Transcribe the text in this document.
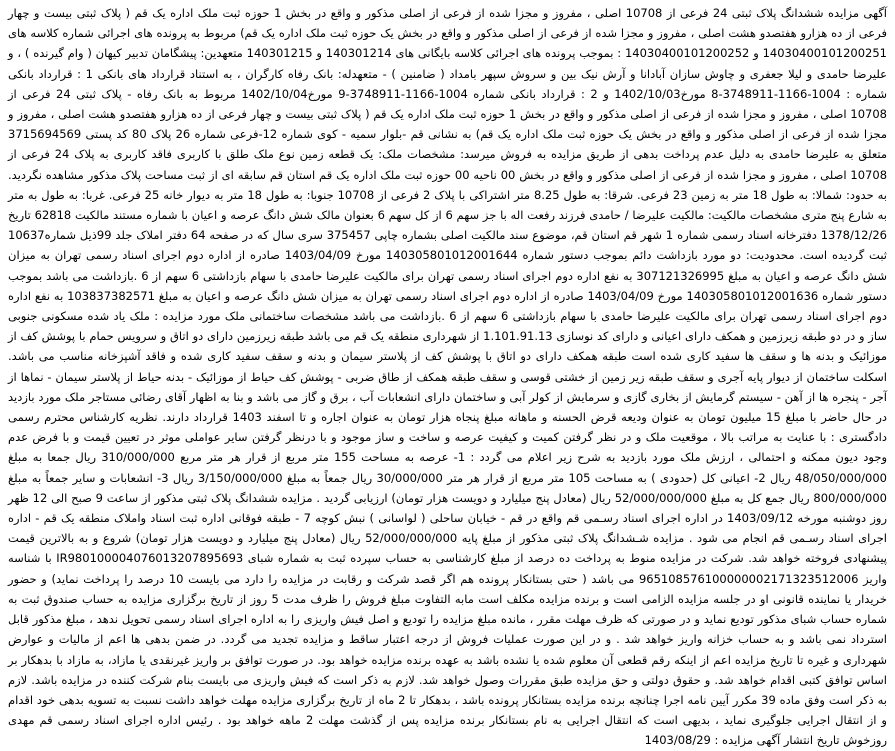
آگهی مزایده ششدانگ پلاک ثبتی 24 فرعی از 10708 اصلی ، مفروز و مجزا شده از فرعی از اصلی مذکور و واقع در بخش 1 حوزه ثبت ملک اداره یک قم ( پلاک ثبتی بیست و چهار فرعی از ده هزارو هفتصدو هشت اصلی ، مفروز و مجزا شده از فرعی از اصلی مذکور و واقع در بخش یک حوزه ثبت ملک اداره یک قم) مربوط به پرونده های اجرائی شماره کلاسه های 14030400101200251 و 14030400101200252 : بموجب پرونده های اجرائی کلاسه بایگانی های 140301214 و 140301215 متعهدین: پیشگامان تدبیر کیهان ( وام گیرنده ) ، و علیرضا حامدی و لیلا جعفری و چاوش سازان آبادانا و آرش نیک بین و سروش سپهر بامداد ( ضامنین ) - متعهدله: بانک رفاه کارگران ، به استناد قرارداد های بانکی 1 : قرارداد بانکی شماره : 1004-1166-3748911-8 مورخ1402/10/03 و 2 : قرارداد بانکی شماره 1004-1166-3748911-9 مورخ1402/10/04 مربوط به بانک رفاه - پلاک ثبتی 24 فرعی از 10708 اصلی ، مفروز و مجزا شده از فرعی از اصلی مذکور و واقع در بخش 1 حوزه ثبت ملک اداره یک قم ( پلاک ثبتی بیست و چهار فرعی از ده هزارو هفتصدو هشت اصلی ، مفروز و مجزا شده از فرعی از اصلی مذکور و واقع در بخش یک حوزه ثبت ملک اداره یک قم) به نشانی قم -بلوار سمیه - کوی شماره 12-فرعی شماره 26 پلاک 80 کد پستی 3715694569 متعلق به علیرضا حامدی به دلیل عدم پرداخت بدهی از طریق مزایده به فروش میرسد: مشخصات ملک: یک قطعه زمین نوع ملک طلق با کاربری فاقد کاربری به پلاک 24 فرعی از 10708 اصلی ، مفروز و مجزا شده از فرعی از اصلی مذکور و واقع در بخش 00 ناحیه 00 حوزه ثبت ملک اداره یک قم استان قم سابقه ای از ثبت مساحت پلاک مذکور مشاهده نگردید. به حدود: شمالا: به طول 18 متر به زمین 23 فرعی. شرقا: به طول 8.25 متر اشتراکی با پلاک 2 فرعی از 10708 جنوبا: به طول 18 متر به دیوار خانه 25 فرعی. غربا: به طول به متر به شارع پنج متری مشخصات مالکیت: مالکیت علیرضا / حامدی فرزند رفعت اله با جز سهم 6 از کل سهم 6 بعنوان مالک شش دانگ عرصه و اعیان با شماره مستند مالکیت 62818 تاریخ 1378/12/26 دفترخانه اسناد رسمی شماره 1 شهر قم استان قم، موضوع سند مالکیت اصلی بشماره چاپی 375457 سری سال که در صفحه 64 دفتر املاک جلد 99ذیل شماره10637 ثبت گردیده است. محدودیت: دو مورد بازداشت دائم بموجب دستور شماره 140305801012001644 مورخ 1403/04/09 صادره از اداره دوم اجرای اسناد رسمی تهران به میزان شش دانگ عرصه و اعیان به مبلغ 307121326995 به نفع اداره دوم اجرای اسناد رسمی تهران برای مالکیت علیرضا حامدی با سهام بازداشتی 6 سهم از 6 .بازداشت می باشد بموجب دستور شماره 140305801012001636 مورخ 1403/04/09 صادره از اداره دوم اجرای اسناد رسمی تهران به میزان شش دانگ عرصه و اعیان به مبلغ 103837382571 به نفع اداره دوم اجرای اسناد رسمی تهران برای مالکیت علیرضا حامدی با سهام بازداشتی 6 سهم از 6 .بازداشت می باشد مشخصات ساختمانی ملک مورد مزایده : ملک یاد شده مسکونی جنوبی ساز و در دو طبقه زیرزمین و همکف دارای اعیانی و دارای کد نوسازی 1.101.91.13 از شهرداری منطقه یک قم می باشد طبقه زیرزمین دارای دو اتاق و سرویس حمام با پوشش کف از موزائیک و بدنه ها و سقف ها سفید کاری شده است طبقه همکف دارای دو اتاق با پوشش کف از پلاستر سیمان و بدنه و سقف سفید کاری شده و فاقد آشپزخانه مناسب می باشد. اسکلت ساختمان از دیوار پایه آجری و سقف طبقه زیر زمین از خشتی قوسی و سقف طبقه همکف از طاق ضربی - پوشش کف حیاط از موزائیک - بدنه حیاط از پلاستر سیمان - نماها از آجر - پنجره ها از آهن - سیستم گرمایش از بخاری گازی و سرمایش از کولر آبی و ساختمان دارای انشعابات آب ، برق و گاز می باشد و بنا به اظهار آقای رضائی مستاجر ملک مورد بازدید در حال حاضر با مبلغ 15 میلیون تومان به عنوان ودیعه قرض الحسنه و ماهانه مبلغ پنجاه هزار تومان به عنوان اجاره و تا اسفند 1403 قرارداد دارند. نظریه کارشناس محترم رسمی دادگستری : با عنایت به مراتب بالا ، موقعیت ملک و در نظر گرفتن کمیت و کیفیت عرصه و ساخت و ساز موجود و با درنظر گرفتن سایر عواملی موثر در تعیین قیمت و با فرض عدم وجود دیون ممکنه و احتمالی ، ارزش ملک مورد بازدید به شرح زیر اعلام می گردد : 1- عرصه به مساحت 155 متر مربع از قرار هر متر مربع 310/000/000 ریال جمعا به مبلغ 48/050/000/000 ریال 2- اعیانی کل (حدودی ) به مساحت 105 متر مربع از قرار هر متر 30/000/000 ریال جمعاً به مبلغ 3/150/000/000 ریال 3- انشعابات و سایر جمعاً به مبلغ 800/000/000 ریال جمع کل به مبلغ 52/000/000/000 ریال (معادل پنج میلیارد و دویست هزار تومان) ارزیابی گردید . مزایده ششدانگ پلاک ثبتی مذکور از ساعت 9 صبح الی 12 ظهر روز دوشنبه مورخه 1403/09/12 در اداره اجرای اسناد رسـمی قم واقع در قم - خیابان ساحلی ( لواسانی ) نبش کوچه 7 - طبقه فوقانی اداره ثبت اسناد واملاک منطقه یک قم - اداره اجرای اسناد رسـمی قم انجام می شود . مزایده شـشدانگ پلاک ثبتی مذکور از مبلغ پایه 52/000/000/000 ریال (معادل پنج میلیارد و دویست هزار تومان) شروع و به بالاترین قیمت پیشنهادی فروخته خواهد شد. شرکت در مزایده منوط به پرداخت ده درصد از مبلغ کارشناسی به حساب سپرده ثبت به شماره شبای IR980100004076013207895693 با شناسه واریز 965108576100000002171323512006 می باشد ( حتی بستانکار پرونده هم اگر قصد شرکت و رقابت در مزایده را دارد می بایست 10 درصد را پرداخت نماید) و حضور خریدار یا نماینده قانونی او در جلسه مزایده الزامی است و برنده مزایده مکلف است مابه التفاوت مبلغ فروش را ظرف مدت 5 روز از تاریخ برگزاری مزایده به حساب صندوق ثبت به شماره حساب شبای مذکور تودیع نماید و در صورتی که ظرف مهلت مقرر ، مانده مبلغ مزایده را تودیع و اصل فیش واریزی را به اداره اجرای اسناد رسمی تحویل ندهد ، مبلغ مذکور قابل استرداد نمی باشد و به حساب خزانه واریز خواهد شد . و در این صورت عملیات فروش از درجه اعتبار ساقط و مزایده تجدید می گردد. در ضمن بدهی ها اعم از مالیات و عوارض شهرداری و غیره تا تاریخ مزایده اعم از اینکه رقم قطعی آن معلوم شده یا نشده باشد به عهده برنده مزایده خواهد بود. در صورت توافق بر واریز غیرنقدی یا مازاد، به مازاد با بدهکار بر اساس توافق کتبی اقدام خواهد شد. و حقوق دولتی و حق مزایده طبق مقررات وصول خواهد شد. لازم به ذکر است که فیش واریزی می بایست بنام شرکت کننده در مزایده باشد. لازم به ذکر است وفق ماده 39 مکرر آیین نامه اجرا چنانچه برنده مزایده بستانکار پرونده باشد ، بدهکار تا 2 ماه از تاریخ برگزاری مزایده مهلت خواهد داشت نسبت به تسویه بدهی خود اقدام و از انتقال اجرایی جلوگیری نماید ، بدیهی است که انتقال اجرایی به نام بستانکار برنده مزایده پس از گذشت مهلت 2 ماهه خواهد بود . رئیس اداره اجرای اسناد رسمی قم مهدی روزخوش تاریخ انتشار آگهی مزایده : 1403/08/29
